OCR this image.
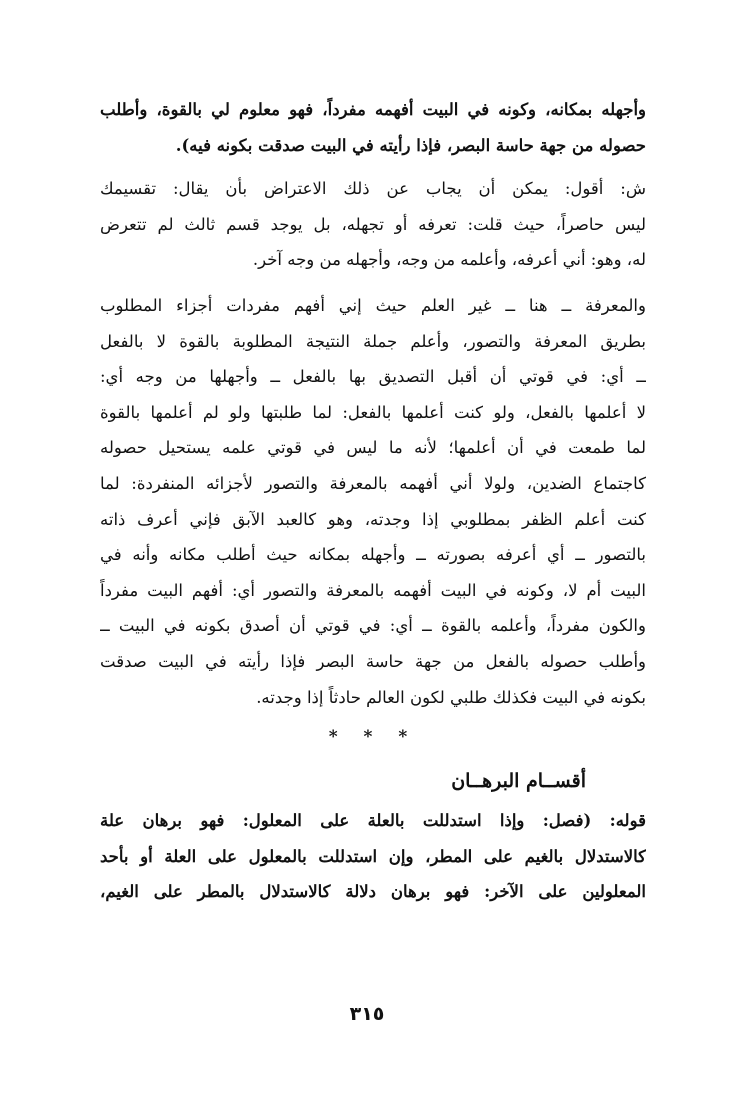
وأجهله بمكانه، وكونه في البيت أفهمه مفرداً، فهو معلوم لي بالقوة، وأطلب
حصوله من جهة حاسة البصر، فإذا رأيته في البيت صدقت بكونه فيه).
ش: أقول: يمكن أن يجاب عن ذلك الاعتراض بأن يقال: تقسيمك
ليس حاصراً، حيث قلت: تعرفه أو تجهله، بل يوجد قسم ثالث لم تتعرض
له، وهو: أني أعرفه، وأعلمه من وجه، وأجهله من وجه آخر.
والمعرفة ــ هنا ــ غير العلم حيث إني أفهم مفردات أجزاء المطلوب
بطريق المعرفة والتصور، وأعلم جملة النتيجة المطلوبة بالقوة لا بالفعل
ــ أي: في قوتي أن أقبل التصديق بها بالفعل ــ وأجهلها من وجه أي:
لا أعلمها بالفعل، ولو كنت أعلمها بالفعل: لما طلبتها ولو لم أعلمها بالقوة
لما طمعت في أن أعلمها؛ لأنه ما ليس في قوتي علمه يستحيل حصوله
كاجتماع الضدين، ولولا أني أفهمه بالمعرفة والتصور لأجزائه المنفردة: لما
كنت أعلم الظفر بمطلوبي إذا وجدته، وهو كالعبد الآبق فإني أعرف ذاته
بالتصور ــ أي أعرفه بصورته ــ وأجهله بمكانه حيث أطلب مكانه وأنه في
البيت أم لا، وكونه في البيت أفهمه بالمعرفة والتصور أي: أفهم البيت مفرداً
والكون مفرداً، وأعلمه بالقوة ــ أي: في قوتي أن أصدق بكونه في البيت ــ
وأطلب حصوله بالفعل من جهة حاسة البصر فإذا رأيته في البيت صدقت
بكونه في البيت فكذلك طلبي لكون العالم حادثاً إذا وجدته.
* * *
أقســام البرهــان
قوله: (فصل: وإذا استدللت بالعلة على المعلول: فهو برهان علة
كالاستدلال بالغيم على المطر، وإن استدللت بالمعلول على العلة أو بأحد
المعلولين على الآخر: فهو برهان دلالة كالاستدلال بالمطر على الغيم،
٣١٥
